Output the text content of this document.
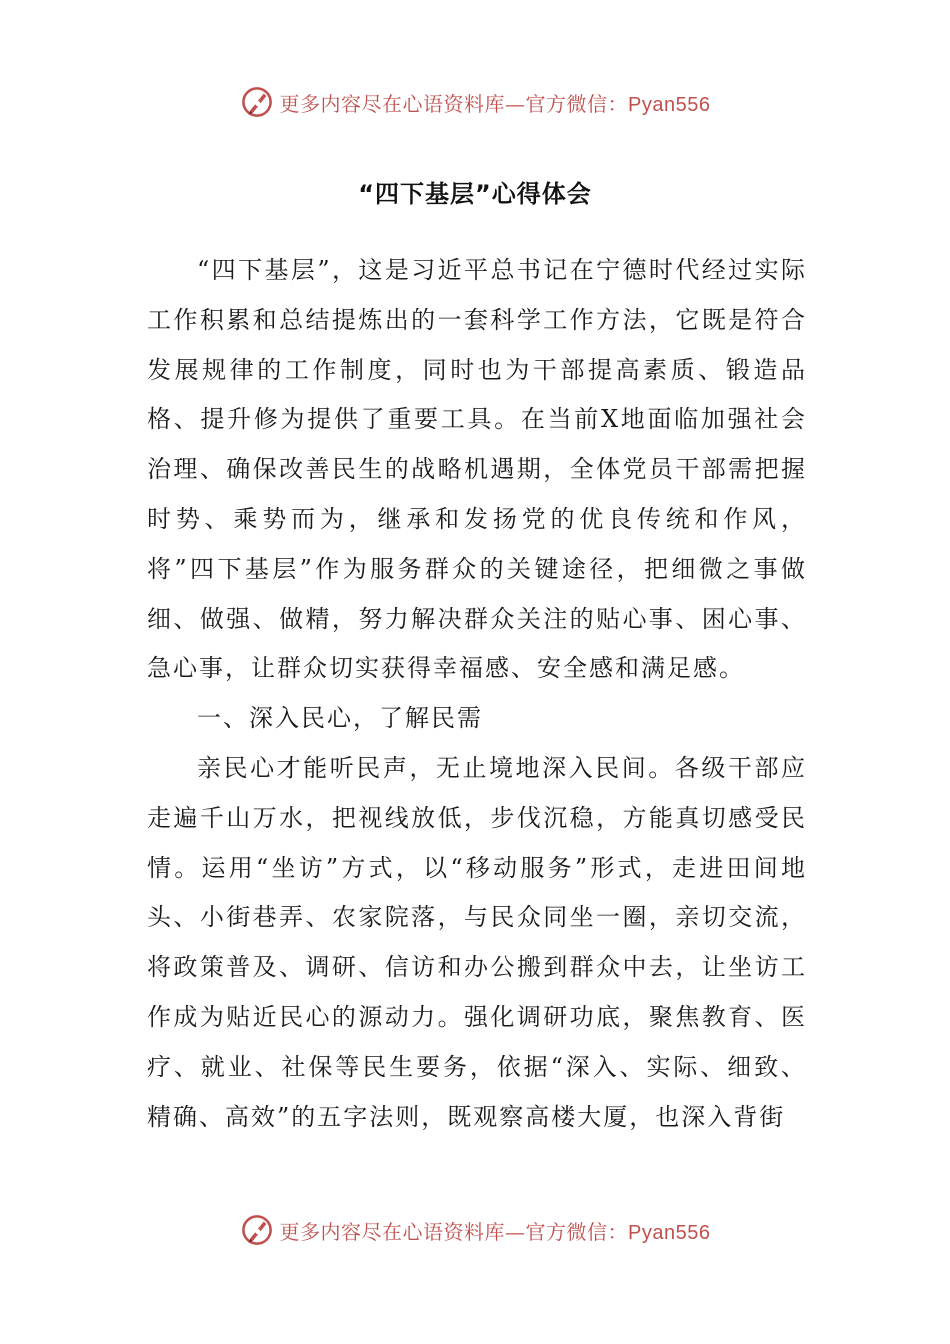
更多内容尽在心语资料库—官方微信：Pyan556
“四下基层”心得体会

“四下基层”，这是习近平总书记在宁德时代经过实际工作积累和总结提炼出的一套科学工作方法，它既是符合发展规律的工作制度，同时也为干部提高素质、锻造品格、提升修为提供了重要工具。在当前X地面临加强社会治理、确保改善民生的战略机遇期，全体党员干部需把握时势、乘势而为，继承和发扬党的优良传统和作风，将”四下基层”作为服务群众的关键途径，把细微之事做细、做强、做精，努力解决群众关注的贴心事、困心事、急心事，让群众切实获得幸福感、安全感和满足感。

一、深入民心，了解民需

亲民心才能听民声，无止境地深入民间。各级干部应走遍千山万水，把视线放低，步伐沉稳，方能真切感受民情。运用“坐访”方式，以“移动服务”形式，走进田间地头、小街巷弄、农家院落，与民众同坐一圈，亲切交流，将政策普及、调研、信访和办公搬到群众中去，让坐访工作成为贴近民心的源动力。强化调研功底，聚焦教育、医疗、就业、社保等民生要务，依据“深入、实际、细致、精确、高效”的五字法则，既观察高楼大厦，也深入背街

更多内容尽在心语资料库—官方微信：Pyan556
